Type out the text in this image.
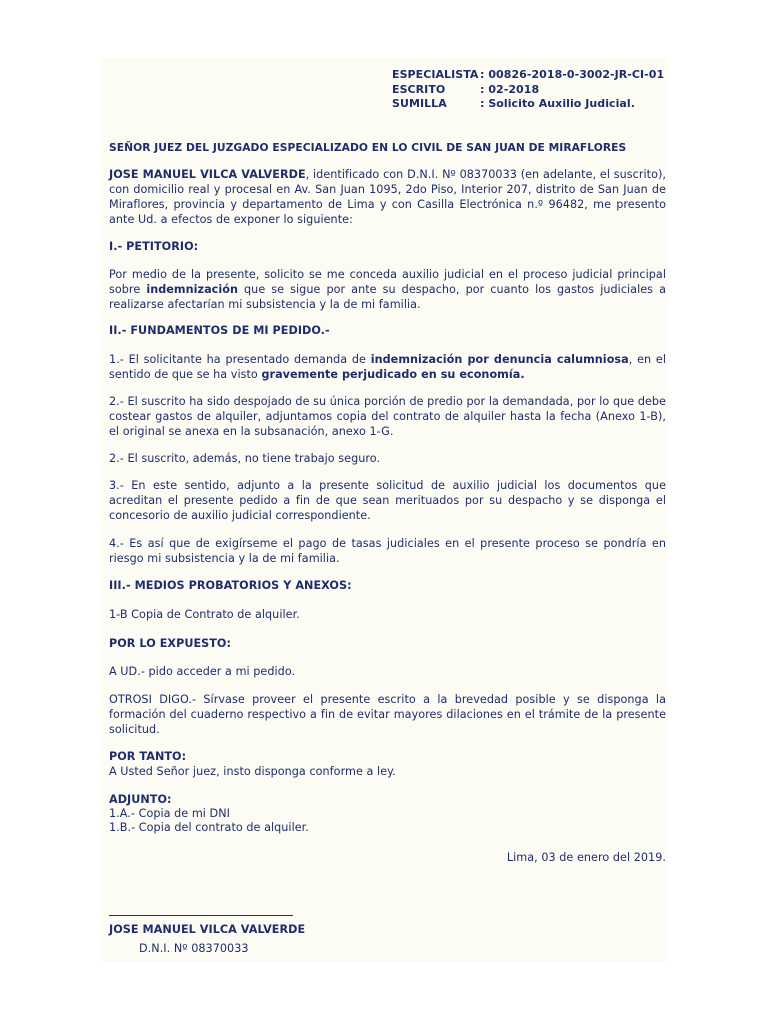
ESPECIALISTA : 00826-2018-0-3002-JR-CI-01
ESCRITO	: 02-2018
SUMILLA	: Solicito Auxilio Judicial.
SEÑOR JUEZ DEL JUZGADO ESPECIALIZADO EN LO CIVIL DE SAN JUAN DE MIRAFLORES
JOSE MANUEL VILCA VALVERDE, identificado con D.N.I. Nº 08370033 (en adelante, el suscrito), con domicilio real y procesal en Av. San Juan 1095, 2do Piso, Interior 207, distrito de San Juan de Miraflores, provincia y departamento de Lima y con Casilla Electrónica n.º 96482, me presento ante Ud. a efectos de exponer lo siguiente:
I.- PETITORIO:
Por medio de la presente, solicito se me conceda auxilio judicial en el proceso judicial principal sobre indemnización que se sigue por ante su despacho, por cuanto los gastos judiciales a realizarse afectarían mi subsistencia y la de mi familia.
II.- FUNDAMENTOS DE MI PEDIDO.-
1.- El solicitante ha presentado demanda de indemnización por denuncia calumniosa, en el sentido de que se ha visto gravemente perjudicado en su economía.
2.- El suscrito ha sido despojado de su única porción de predio por la demandada, por lo que debe costear gastos de alquiler, adjuntamos copia del contrato de alquiler hasta la fecha (Anexo 1-B), el original se anexa en la subsanación, anexo 1-G.
2.- El suscrito, además, no tiene trabajo seguro.
3.- En este sentido, adjunto a la presente solicitud de auxilio judicial los documentos que acreditan el presente pedido a fin de que sean merituados por su despacho y se disponga el concesorio de auxilio judicial correspondiente.
4.- Es así que de exigírseme el pago de tasas judiciales en el presente proceso se pondría en riesgo mi subsistencia y la de mi familia.
III.- MEDIOS PROBATORIOS Y ANEXOS:
1-B Copia de Contrato de alquiler.
POR LO EXPUESTO:
A UD.- pido acceder a mi pedido.
OTROSI DIGO.- Sírvase proveer el presente escrito a la brevedad posible y se disponga la formación del cuaderno respectivo a fin de evitar mayores dilaciones en el trámite de la presente solicitud.
POR TANTO:
A Usted Señor juez, insto disponga conforme a ley.
ADJUNTO:
1.A.- Copia de mi DNI
1.B.- Copia del contrato de alquiler.
Lima, 03 de enero del 2019.
JOSE MANUEL VILCA VALVERDE
D.N.I. Nº 08370033
